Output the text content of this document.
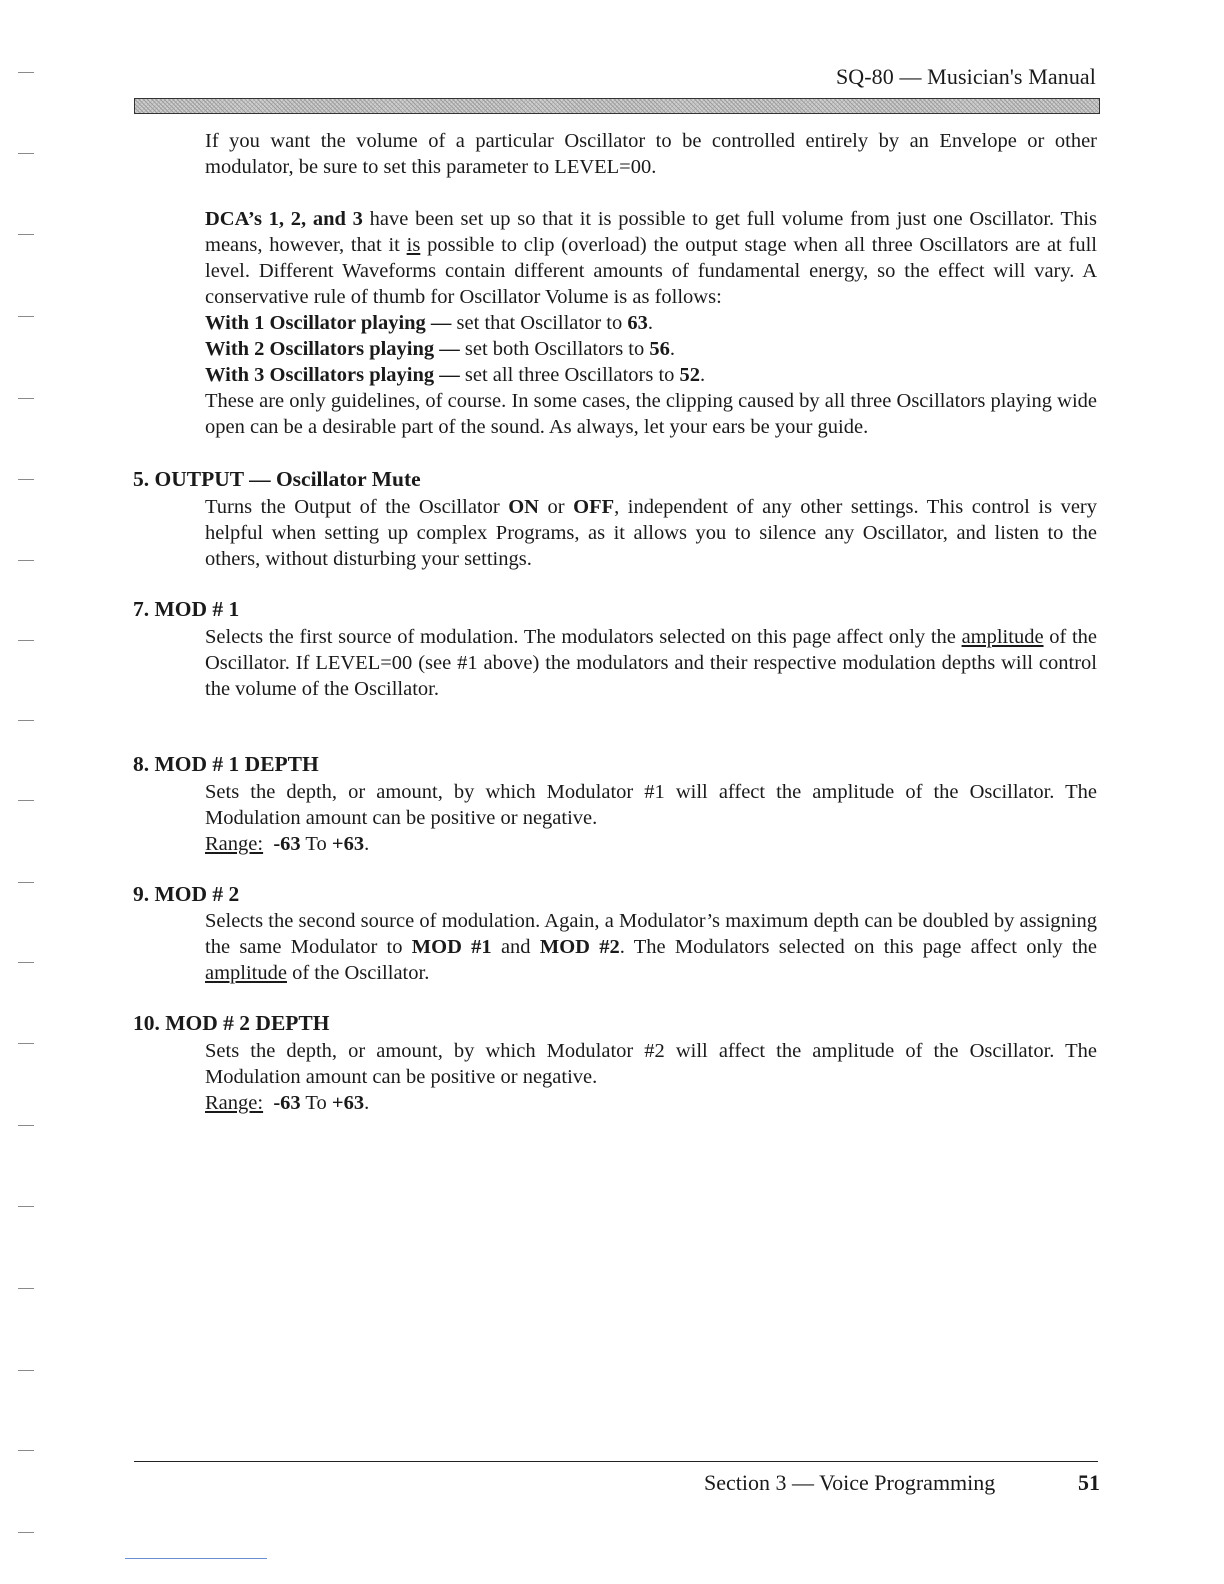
SQ-80 — Musician's Manual

If you want the volume of a particular Oscillator to be controlled entirely by an Envelope or other modulator, be sure to set this parameter to LEVEL=00.

DCA’s 1, 2, and 3 have been set up so that it is possible to get full volume from just one Oscillator. This means, however, that it is possible to clip (overload) the output stage when all three Oscillators are at full level. Different Waveforms contain different amounts of fundamental energy, so the effect will vary. A conservative rule of thumb for Oscillator Volume is as follows:

With 1 Oscillator playing — set that Oscillator to 63.
With 2 Oscillators playing — set both Oscillators to 56.
With 3 Oscillators playing — set all three Oscillators to 52.

These are only guidelines, of course. In some cases, the clipping caused by all three Oscillators playing wide open can be a desirable part of the sound. As always, let your ears be your guide.

5. OUTPUT — Oscillator Mute

Turns the Output of the Oscillator ON or OFF, independent of any other settings. This control is very helpful when setting up complex Programs, as it allows you to silence any Oscillator, and listen to the others, without disturbing your settings.

7. MOD # 1

Selects the first source of modulation. The modulators selected on this page affect only the amplitude of the Oscillator. If LEVEL=00 (see #1 above) the modulators and their respective modulation depths will control the volume of the Oscillator.

8. MOD # 1 DEPTH

Sets the depth, or amount, by which Modulator #1 will affect the amplitude of the Oscillator. The Modulation amount can be positive or negative.

Range: -63 To +63.

9. MOD # 2

Selects the second source of modulation. Again, a Modulator’s maximum depth can be doubled by assigning the same Modulator to MOD #1 and MOD #2. The Modulators selected on this page affect only the amplitude of the Oscillator.

10. MOD # 2 DEPTH

Sets the depth, or amount, by which Modulator #2 will affect the amplitude of the Oscillator. The Modulation amount can be positive or negative.

Range: -63 To +63.

Section 3 — Voice Programming	51
